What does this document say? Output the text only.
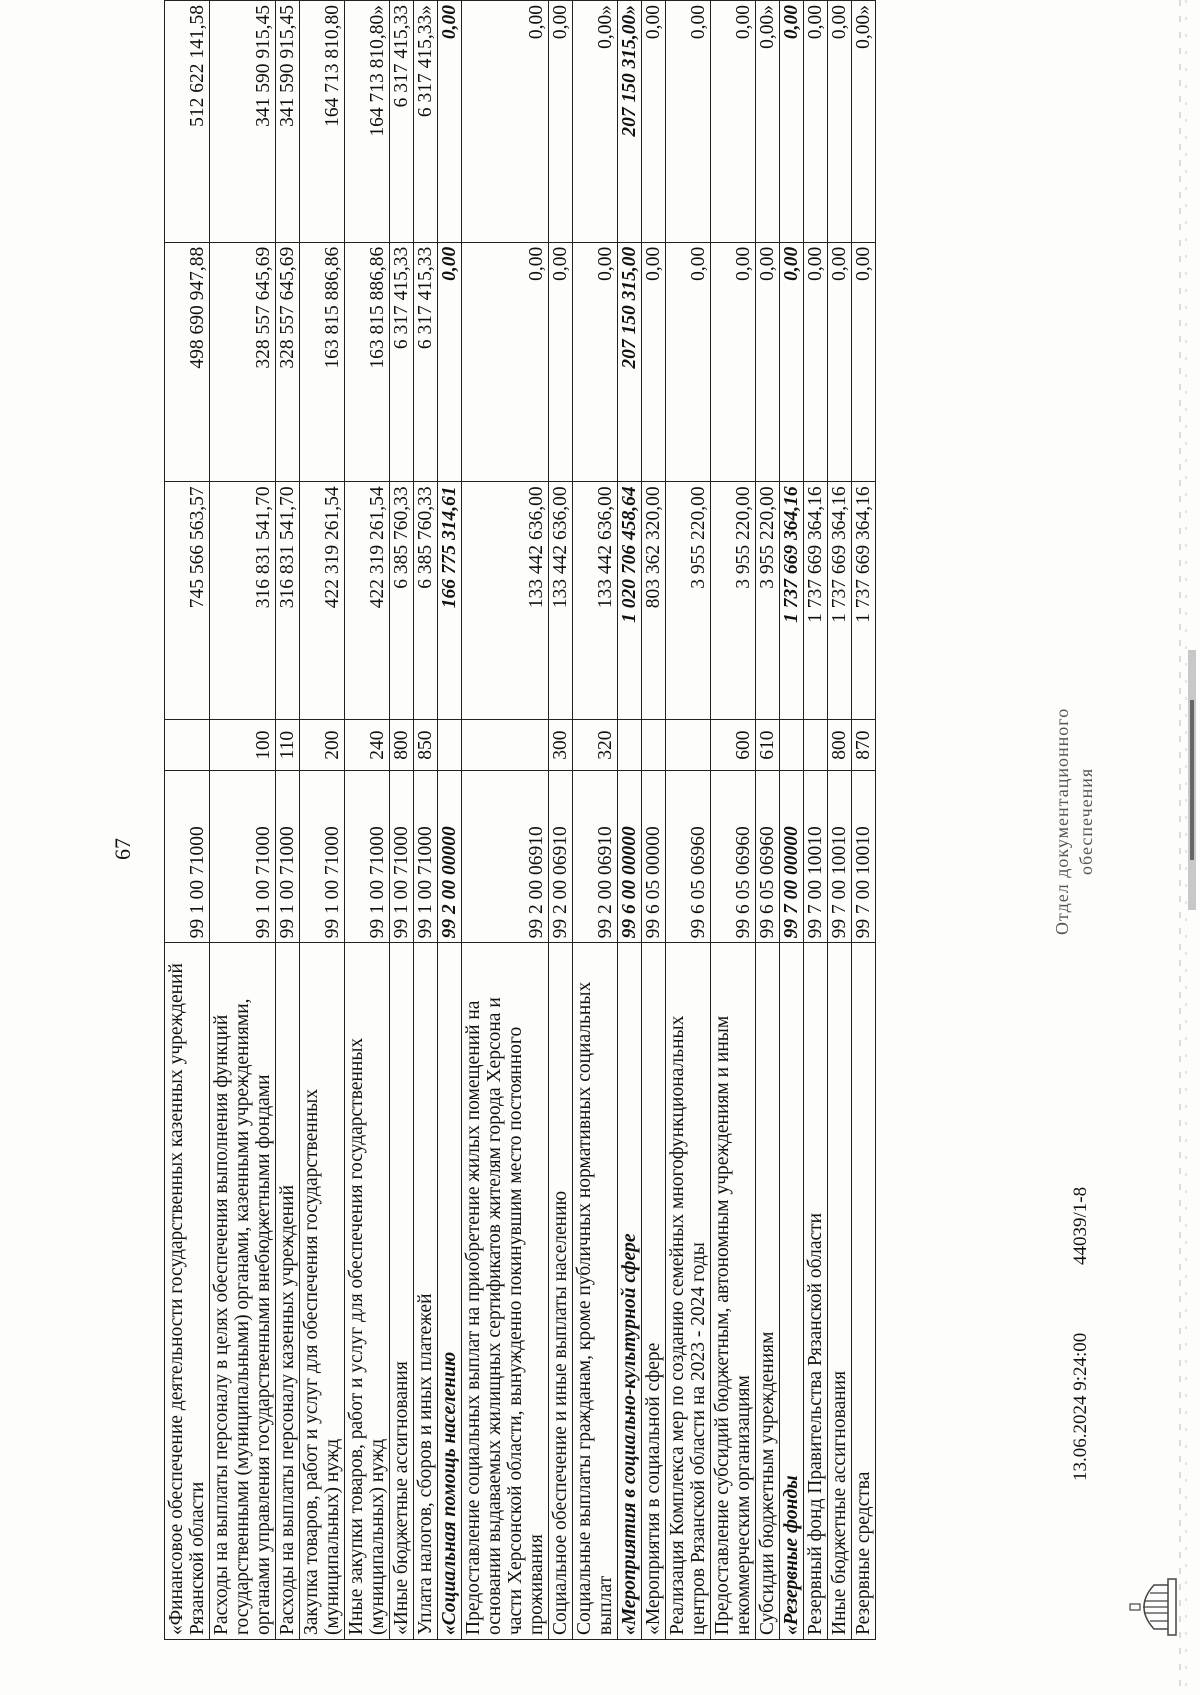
67
«Финансовое обеспечение деятельности государственных казенных учреждений Рязанской области	99 1 00 71000		745 566 563,57	498 690 947,88	512 622 141,58
Расходы на выплаты персоналу в целях обеспечения выполнения функций государственными (муниципальными) органами, казенными учреждениями, органами управления государственными внебюджетными фондами	99 1 00 71000	100	316 831 541,70	328 557 645,69	341 590 915,45
Расходы на выплаты персоналу казенных учреждений	99 1 00 71000	110	316 831 541,70	328 557 645,69	341 590 915,45
Закупка товаров, работ и услуг для обеспечения государственных (муниципальных) нужд	99 1 00 71000	200	422 319 261,54	163 815 886,86	164 713 810,80
Иные закупки товаров, работ и услуг для обеспечения государственных (муниципальных) нужд	99 1 00 71000	240	422 319 261,54	163 815 886,86	164 713 810,80»
«Иные бюджетные ассигнования	99 1 00 71000	800	6 385 760,33	6 317 415,33	6 317 415,33
Уплата налогов, сборов и иных платежей	99 1 00 71000	850	6 385 760,33	6 317 415,33	6 317 415,33»
«Социальная помощь населению	99 2 00 00000		166 775 314,61	0,00	0,00
Предоставление социальных выплат на приобретение жилых помещений на основании выдаваемых жилищных сертификатов жителям города Херсона и части Херсонской области, вынужденно покинувшим место постоянного проживания	99 2 00 06910		133 442 636,00	0,00	0,00
Социальное обеспечение и иные выплаты населению	99 2 00 06910	300	133 442 636,00	0,00	0,00
Социальные выплаты гражданам, кроме публичных нормативных социальных выплат	99 2 00 06910	320	133 442 636,00	0,00	0,00»
«Мероприятия в социально-культурной сфере	99 6 00 00000		1 020 706 458,64	207 150 315,00	207 150 315,00»
«Мероприятия в социальной сфере	99 6 05 00000		803 362 320,00	0,00	0,00
Реализация Комплекса мер по созданию семейных многофункциональных центров Рязанской области на 2023 - 2024 годы	99 6 05 06960		3 955 220,00	0,00	0,00
Предоставление субсидий бюджетным, автономным учреждениям и иным некоммерческим организациям	99 6 05 06960	600	3 955 220,00	0,00	0,00
Субсидии бюджетным учреждениям	99 6 05 06960	610	3 955 220,00	0,00	0,00»
«Резервные фонды	99 7 00 00000		1 737 669 364,16	0,00	0,00
Резервный фонд Правительства Рязанской области	99 7 00 10010		1 737 669 364,16	0,00	0,00
Иные бюджетные ассигнования	99 7 00 10010	800	1 737 669 364,16	0,00	0,00
Резервные средства	99 7 00 10010	870	1 737 669 364,16	0,00	0,00»
13.06.2024 9:24:00
44039/1-8
Отдел документационного обеспечения
